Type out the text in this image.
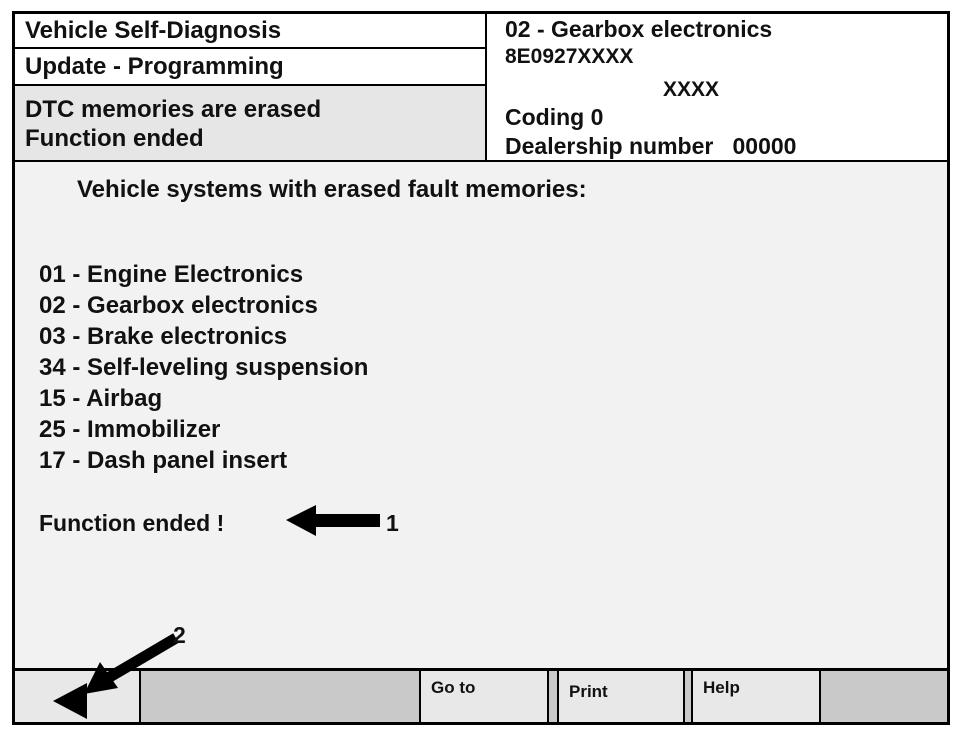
Vehicle Self-Diagnosis
Update - Programming
DTC memories are erased
Function ended
02 - Gearbox electronics
8E0927XXXX
XXXX
Coding 0
Dealership number 00000
Vehicle systems with erased fault memories:
01 - Engine Electronics
02 - Gearbox electronics
03 - Brake electronics
34 - Self-leveling suspension
15 - Airbag
25 - Immobilizer
17 - Dash panel insert
Function ended !
Go to	Print	Help
1
2
